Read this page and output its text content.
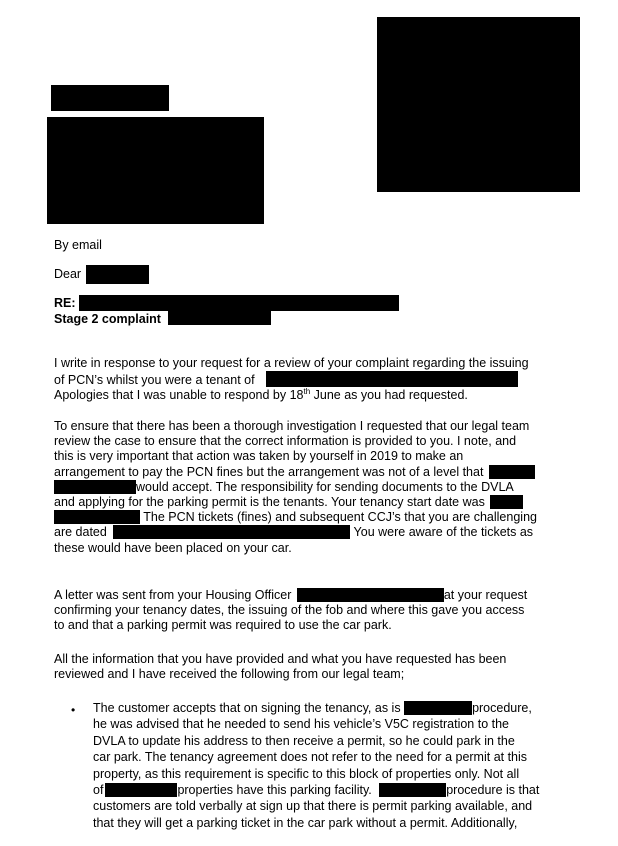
By email
Dear
RE:
Stage 2 complaint
I write in response to your request for a review of your complaint regarding the issuing
of PCN’s whilst you were a tenant of
Apologies that I was unable to respond by 18th June as you had requested.
To ensure that there has been a thorough investigation I requested that our legal team
review the case to ensure that the correct information is provided to you. I note, and
this is very important that action was taken by yourself in 2019 to make an
arrangement to pay the PCN fines but the arrangement was not of a level that
would accept. The responsibility for sending documents to the DVLA
and applying for the parking permit is the tenants. Your tenancy start date was
The PCN tickets (fines) and subsequent CCJ’s that you are challenging
are dated	You were aware of the tickets as
these would have been placed on your car.
A letter was sent from your Housing Officer	at your request
confirming your tenancy dates, the issuing of the fob and where this gave you access
to and that a parking permit was required to use the car park.
All the information that you have provided and what you have requested has been
reviewed and I have received the following from our legal team;
• The customer accepts that on signing the tenancy, as is	procedure,
he was advised that he needed to send his vehicle’s V5C registration to the
DVLA to update his address to then receive a permit, so he could park in the
car park. The tenancy agreement does not refer to the need for a permit at this
property, as this requirement is specific to this block of properties only. Not all
of	properties have this parking facility.	procedure is that
customers are told verbally at sign up that there is permit parking available, and
that they will get a parking ticket in the car park without a permit. Additionally,
